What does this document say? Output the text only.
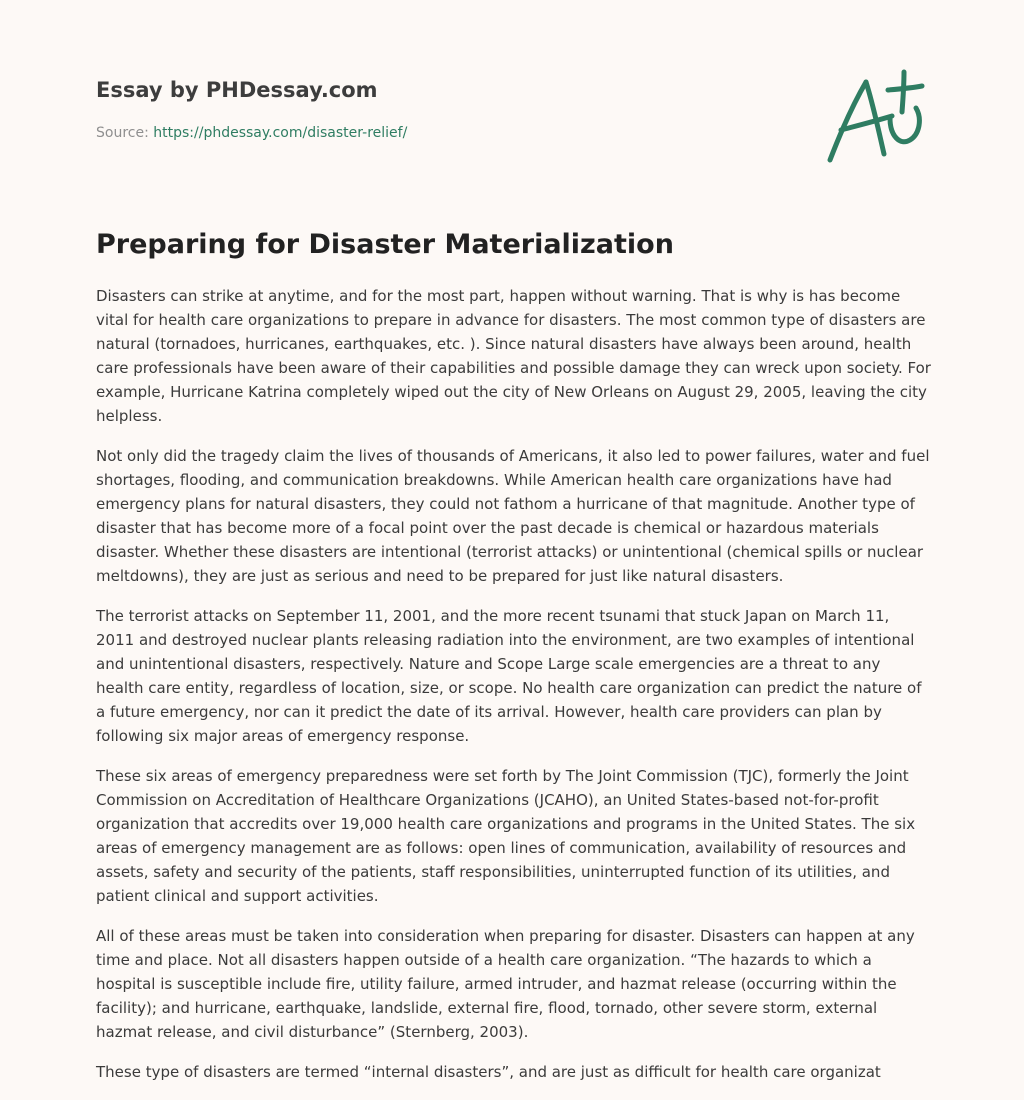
Essay by PHDessay.com
Source: https://phdessay.com/disaster-relief/
Preparing for Disaster Materialization

Disasters can strike at anytime, and for the most part, happen without warning. That is why is has become vital for health care organizations to prepare in advance for disasters. The most common type of disasters are natural (tornadoes, hurricanes, earthquakes, etc. ). Since natural disasters have always been around, health care professionals have been aware of their capabilities and possible damage they can wreck upon society. For example, Hurricane Katrina completely wiped out the city of New Orleans on August 29, 2005, leaving the city helpless.

Not only did the tragedy claim the lives of thousands of Americans, it also led to power failures, water and fuel shortages, flooding, and communication breakdowns. While American health care organizations have had emergency plans for natural disasters, they could not fathom a hurricane of that magnitude. Another type of disaster that has become more of a focal point over the past decade is chemical or hazardous materials disaster. Whether these disasters are intentional (terrorist attacks) or unintentional (chemical spills or nuclear meltdowns), they are just as serious and need to be prepared for just like natural disasters.

The terrorist attacks on September 11, 2001, and the more recent tsunami that stuck Japan on March 11, 2011 and destroyed nuclear plants releasing radiation into the environment, are two examples of intentional and unintentional disasters, respectively. Nature and Scope Large scale emergencies are a threat to any health care entity, regardless of location, size, or scope. No health care organization can predict the nature of a future emergency, nor can it predict the date of its arrival. However, health care providers can plan by following six major areas of emergency response.

These six areas of emergency preparedness were set forth by The Joint Commission (TJC), formerly the Joint Commission on Accreditation of Healthcare Organizations (JCAHO), an United States-based not-for-profit organization that accredits over 19,000 health care organizations and programs in the United States. The six areas of emergency management are as follows: open lines of communication, availability of resources and assets, safety and security of the patients, staff responsibilities, uninterrupted function of its utilities, and patient clinical and support activities.

All of these areas must be taken into consideration when preparing for disaster. Disasters can happen at any time and place. Not all disasters happen outside of a health care organization. “The hazards to which a hospital is susceptible include fire, utility failure, armed intruder, and hazmat release (occurring within the facility); and hurricane, earthquake, landslide, external fire, flood, tornado, other severe storm, external hazmat release, and civil disturbance” (Sternberg, 2003).

These type of disasters are termed “internal disasters”, and are just as difficult for health care organizat
